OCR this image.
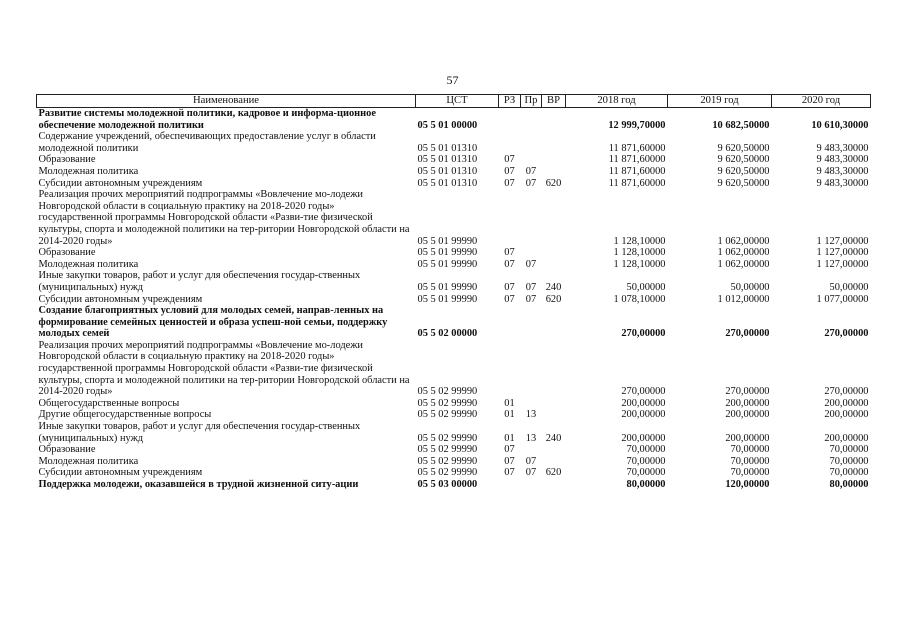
57
Наименование	ЦСТ	РЗ	Пр	ВР	2018 год	2019 год	2020 год
Развитие системы молодежной политики, кадровое и информа-ционное обеспечение молодежной политики	05 5 01 00000				12 999,70000	10 682,50000	10 610,30000
Содержание учреждений, обеспечивающих предоставление услуг в области молодежной политики	05 5 01 01310				11 871,60000	9 620,50000	9 483,30000
Образование	05 5 01 01310	07			11 871,60000	9 620,50000	9 483,30000
Молодежная политика	05 5 01 01310	07	07		11 871,60000	9 620,50000	9 483,30000
Субсидии автономным учреждениям	05 5 01 01310	07	07	620	11 871,60000	9 620,50000	9 483,30000
Реализация прочих мероприятий подпрограммы «Вовлечение мо-лодежи Новгородской области в социальную практику на 2018-2020 годы» государственной программы Новгородской области «Разви-тие физической культуры, спорта и молодежной политики на тер-ритории Новгородской области на 2014-2020 годы»	05 5 01 99990				1 128,10000	1 062,00000	1 127,00000
Образование	05 5 01 99990	07			1 128,10000	1 062,00000	1 127,00000
Молодежная политика	05 5 01 99990	07	07		1 128,10000	1 062,00000	1 127,00000
Иные закупки товаров, работ и услуг для обеспечения государ-ственных (муниципальных) нужд	05 5 01 99990	07	07	240	50,00000	50,00000	50,00000
Субсидии автономным учреждениям	05 5 01 99990	07	07	620	1 078,10000	1 012,00000	1 077,00000
Создание благоприятных условий для молодых семей, направ-ленных на формирование семейных ценностей и образа успеш-ной семьи, поддержку молодых семей	05 5 02 00000				270,00000	270,00000	270,00000
Реализация прочих мероприятий подпрограммы «Вовлечение мо-лодежи Новгородской области в социальную практику на 2018-2020 годы» государственной программы Новгородской области «Разви-тие физической культуры, спорта и молодежной политики на тер-ритории Новгородской области на 2014-2020 годы»	05 5 02 99990				270,00000	270,00000	270,00000
Общегосударственные вопросы	05 5 02 99990	01			200,00000	200,00000	200,00000
Другие общегосударственные вопросы	05 5 02 99990	01	13		200,00000	200,00000	200,00000
Иные закупки товаров, работ и услуг для обеспечения государ-ственных (муниципальных) нужд	05 5 02 99990	01	13	240	200,00000	200,00000	200,00000
Образование	05 5 02 99990	07			70,00000	70,00000	70,00000
Молодежная политика	05 5 02 99990	07	07		70,00000	70,00000	70,00000
Субсидии автономным учреждениям	05 5 02 99990	07	07	620	70,00000	70,00000	70,00000
Поддержка молодежи, оказавшейся в трудной жизненной ситу-ации	05 5 03 00000				80,00000	120,00000	80,00000
